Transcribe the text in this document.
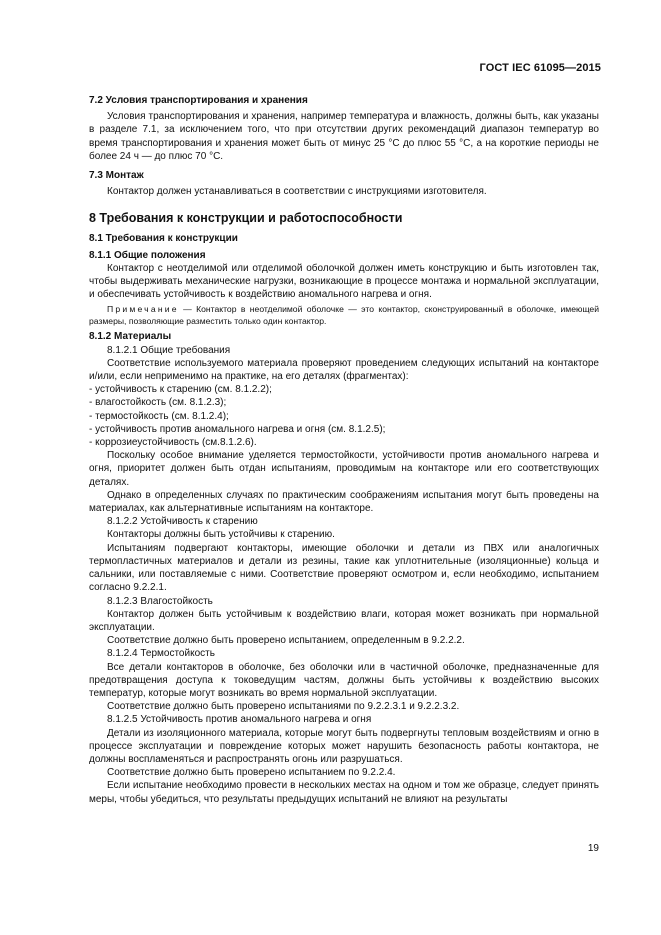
ГОСТ IEC 61095—2015

7.2 Условия транспортирования и хранения

Условия транспортирования и хранения, например температура и влажность, должны быть, как указаны в разделе 7.1, за исключением того, что при отсутствии других рекомендаций диапазон температур во время транспортирования и хранения может быть от минус 25 °C до плюс 55 °C, а на короткие периоды не более 24 ч — до плюс 70 °C.

7.3 Монтаж

Контактор должен устанавливаться в соответствии с инструкциями изготовителя.

8 Требования к конструкции и работоспособности

8.1 Требования к конструкции

8.1.1 Общие положения

Контактор с неотделимой или отделимой оболочкой должен иметь конструкцию и быть изготовлен так, чтобы выдерживать механические нагрузки, возникающие в процессе монтажа и нормальной эксплуатации, и обеспечивать устойчивость к воздействию аномального нагрева и огня.

Примечание — Контактор в неотделимой оболочке — это контактор, сконструированный в оболочке, имеющей размеры, позволяющие разместить только один контактор.

8.1.2 Материалы

8.1.2.1 Общие требования

Соответствие используемого материала проверяют проведением следующих испытаний на контакторе и/или, если неприменимо на практике, на его деталях (фрагментах):

- устойчивость к старению (см. 8.1.2.2);

- влагостойкость (см. 8.1.2.3);

- термостойкость (см. 8.1.2.4);

- устойчивость против аномального нагрева и огня (см. 8.1.2.5);

- коррозиеустойчивость (см.8.1.2.6).

Поскольку особое внимание уделяется термостойкости, устойчивости против аномального нагрева и огня, приоритет должен быть отдан испытаниям, проводимым на контакторе или его соответствующих деталях.

Однако в определенных случаях по практическим соображениям испытания могут быть проведены на материалах, как альтернативные испытаниям на контакторе.

8.1.2.2 Устойчивость к старению

Контакторы должны быть устойчивы к старению.

Испытаниям подвергают контакторы, имеющие оболочки и детали из ПВХ или аналогичных термопластичных материалов и детали из резины, такие как уплотнительные (изоляционные) кольца и сальники, или поставляемые с ними. Соответствие проверяют осмотром и, если необходимо, испытанием согласно 9.2.2.1.

8.1.2.3 Влагостойкость

Контактор должен быть устойчивым к воздействию влаги, которая может возникать при нормальной эксплуатации.

Соответствие должно быть проверено испытанием, определенным в 9.2.2.2.

8.1.2.4 Термостойкость

Все детали контакторов в оболочке, без оболочки или в частичной оболочке, предназначенные для предотвращения доступа к токоведущим частям, должны быть устойчивы к воздействию высоких температур, которые могут возникать во время нормальной эксплуатации.

Соответствие должно быть проверено испытаниями по 9.2.2.3.1 и 9.2.2.3.2.

8.1.2.5 Устойчивость против аномального нагрева и огня

Детали из изоляционного материала, которые могут быть подвергнуты тепловым воздействиям и огню в процессе эксплуатации и повреждение которых может нарушить безопасность работы контактора, не должны воспламеняться и распространять огонь или разрушаться.

Соответствие должно быть проверено испытанием по 9.2.2.4.

Если испытание необходимо провести в нескольких местах на одном и том же образце, следует принять меры, чтобы убедиться, что результаты предыдущих испытаний не влияют на результаты

19
